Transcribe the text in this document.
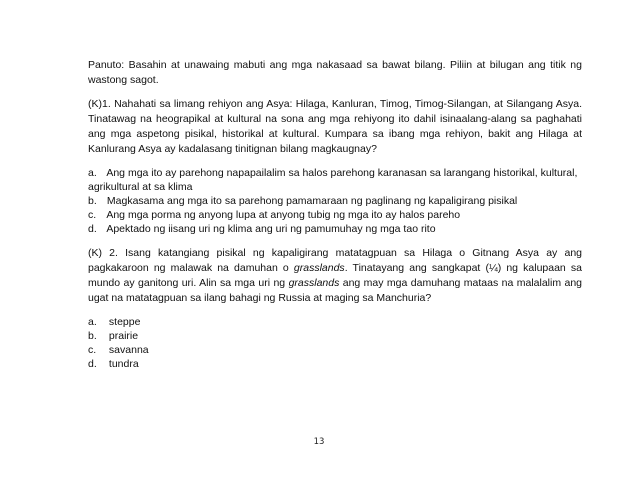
Panuto: Basahin at unawaing mabuti ang mga nakasaad sa bawat bilang. Piliin at bilugan ang titik ng wastong sagot.

(K)1. Nahahati sa limang rehiyon ang Asya: Hilaga, Kanluran, Timog, Timog-Silangan, at Silangang Asya. Tinatawag na heograpikal at kultural na sona ang mga rehiyong ito dahil isinaalang-alang sa paghahati ang mga aspetong pisikal, historikal at kultural. Kumpara sa ibang mga rehiyon, bakit ang Hilaga at Kanlurang Asya ay kadalasang tinitignan bilang magkaugnay?

a. Ang mga ito ay parehong napapailalim sa halos parehong karanasan sa larangang historikal, kultural, agrikultural at sa klima
b. Magkasama ang mga ito sa parehong pamamaraan ng paglinang ng kapaligirang pisikal
c. Ang mga porma ng anyong lupa at anyong tubig ng mga ito ay halos pareho
d. Apektado ng iisang uri ng klima ang uri ng pamumuhay ng mga tao rito

(K) 2. Isang katangiang pisikal ng kapaligirang matatagpuan sa Hilaga o Gitnang Asya ay ang pagkakaroon ng malawak na damuhan o grasslands. Tinatayang ang sangkapat (¼) ng kalupaan sa mundo ay ganitong uri. Alin sa mga uri ng grasslands ang may mga damuhang mataas na malalalim ang ugat na matatagpuan sa ilang bahagi ng Russia at maging sa Manchuria?

a. steppe
b. prairie
c. savanna
d. tundra
13
